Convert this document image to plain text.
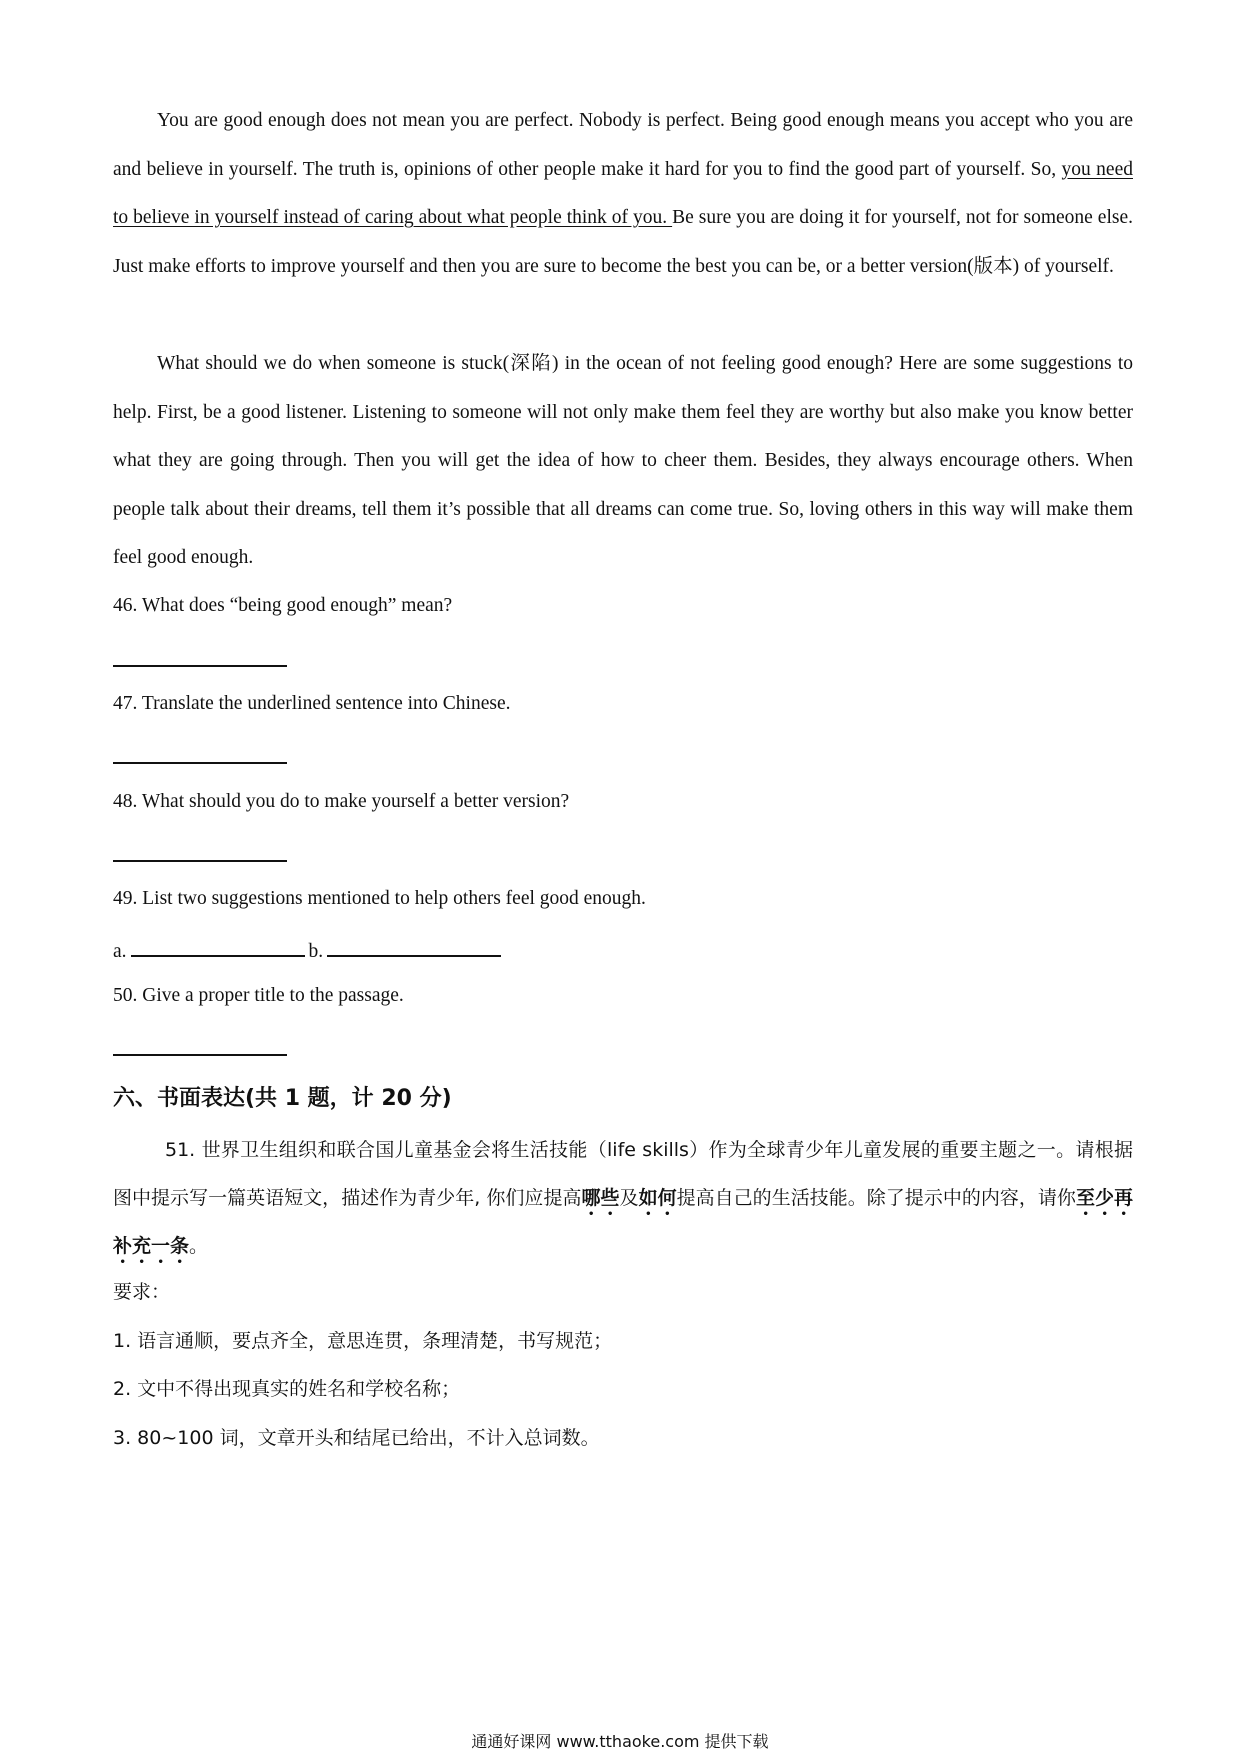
You are good enough does not mean you are perfect. Nobody is perfect. Being good enough means you accept who you are and believe in yourself. The truth is, opinions of other people make it hard for you to find the good part of yourself. So, you need to believe in yourself instead of caring about what people think of you. Be sure you are doing it for yourself, not for someone else. Just make efforts to improve yourself and then you are sure to become the best you can be, or a better version(版本) of yourself.

What should we do when someone is stuck(深陷) in the ocean of not feeling good enough? Here are some suggestions to help. First, be a good listener. Listening to someone will not only make them feel they are worthy but also make you know better what they are going through. Then you will get the idea of how to cheer them. Besides, they always encourage others. When people talk about their dreams, tell them it’s possible that all dreams can come true. So, loving others in this way will make them feel good enough.

46. What does “being good enough” mean?

47. Translate the underlined sentence into Chinese.

48. What should you do to make yourself a better version?

49. List two suggestions mentioned to help others feel good enough.

a.	b.

50. Give a proper title to the passage.

六、书面表达(共 1 题，计 20 分)

51. 世界卫生组织和联合国儿童基金会将生活技能（life skills）作为全球青少年儿童发展的重要主题之一。请根据图中提示写一篇英语短文，描述作为青少年, 你们应提高哪些及如何提高自己的生活技能。除了提示中的内容，请你至少再补充一条。

要求：

1. 语言通顺，要点齐全，意思连贯，条理清楚，书写规范；

2. 文中不得出现真实的姓名和学校名称；

3. 80~100 词，文章开头和结尾已给出，不计入总词数。

通通好课网 www.tthaoke.com 提供下载
